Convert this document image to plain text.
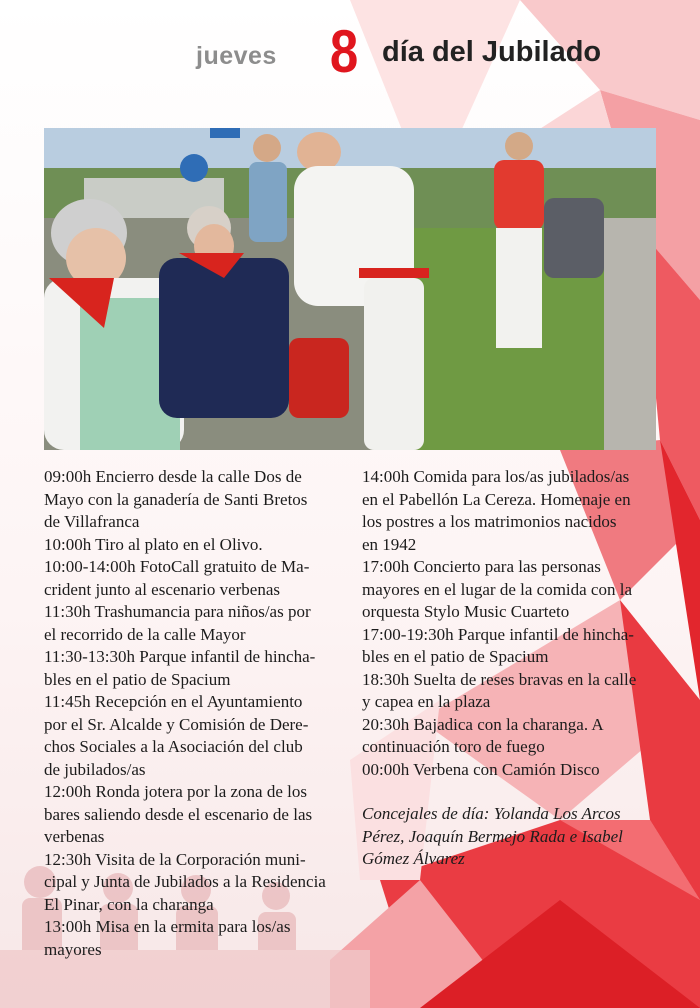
jueves 8 día del Jubilado

09:00h Encierro desde la calle Dos de

Mayo con la ganadería de Santi Bretos

de Villafranca

10:00h Tiro al plato en el Olivo.

10:00-14:00h FotoCall gratuito de Ma-

crident junto al escenario verbenas

11:30h Trashumancia para niños/as por

el recorrido de la calle Mayor

11:30-13:30h Parque infantil de hincha-

bles en el patio de Spacium

11:45h Recepción en el Ayuntamiento

por el Sr. Alcalde y Comisión de Dere-

chos Sociales a la Asociación del club

de jubilados/as

12:00h Ronda jotera por la zona de los

bares saliendo desde el escenario de las

verbenas

12:30h Visita de la Corporación muni-

cipal y Junta de Jubilados a la Residencia

El Pinar, con la charanga

13:00h Misa en la ermita para los/as

mayores

14:00h Comida para los/as jubilados/as

en el Pabellón La Cereza. Homenaje en

los postres a los matrimonios nacidos

en 1942

17:00h Concierto para las personas

mayores en el lugar de la comida con la

orquesta Stylo Music Cuarteto

17:00-19:30h Parque infantil de hincha-

bles en el patio de Spacium

18:30h Suelta de reses bravas en la calle

y capea en la plaza

20:30h Bajadica con la charanga. A

continuación toro de fuego

00:00h Verbena con Camión Disco

Concejales de día: Yolanda Los Arcos

Pérez, Joaquín Bermejo Rada e Isabel

Gómez Álvarez
